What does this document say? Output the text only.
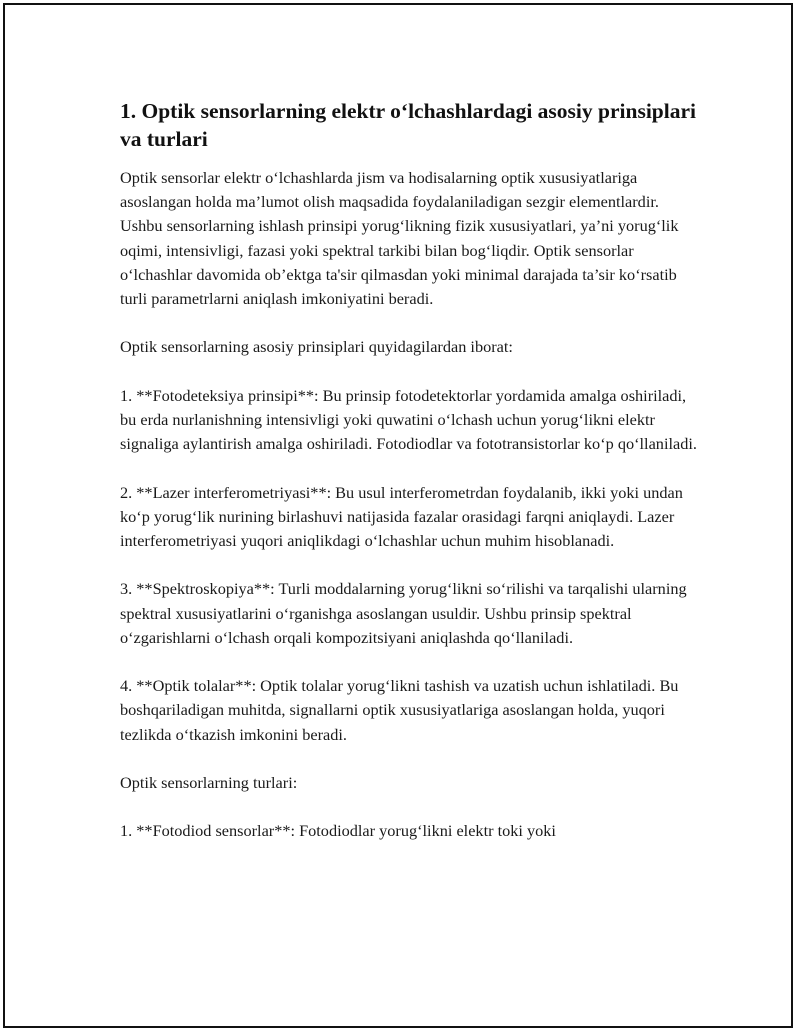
1. Optik sensorlarning elektr o‘lchashlardagi asosiy prinsiplari va turlari

Optik sensorlar elektr o‘lchashlarda jism va hodisalarning optik xususiyatlariga asoslangan holda ma’lumot olish maqsadida foydalaniladigan sezgir elementlardir. Ushbu sensorlarning ishlash prinsipi yorug‘likning fizik xususiyatlari, ya’ni yorug‘lik oqimi, intensivligi, fazasi yoki spektral tarkibi bilan bog‘liqdir. Optik sensorlar o‘lchashlar davomida ob’ektga ta'sir qilmasdan yoki minimal darajada ta’sir ko‘rsatib turli parametrlarni aniqlash imkoniyatini beradi.

Optik sensorlarning asosiy prinsiplari quyidagilardan iborat:

1. **Fotodeteksiya prinsipi**: Bu prinsip fotodetektorlar yordamida amalga oshiriladi, bu erda nurlanishning intensivligi yoki quwatini o‘lchash uchun yorug‘likni elektr signaliga aylantirish amalga oshiriladi. Fotodiodlar va fototransistorlar ko‘p qo‘llaniladi.

2. **Lazer interferometriyasi**: Bu usul interferometrdan foydalanib, ikki yoki undan ko‘p yorug‘lik nurining birlashuvi natijasida fazalar orasidagi farqni aniqlaydi. Lazer interferometriyasi yuqori aniqlikdagi o‘lchashlar uchun muhim hisoblanadi.

3. **Spektroskopiya**: Turli moddalarning yorug‘likni so‘rilishi va tarqalishi ularning spektral xususiyatlarini o‘rganishga asoslangan usuldir. Ushbu prinsip spektral o‘zgarishlarni o‘lchash orqali kompozitsiyani aniqlashda qo‘llaniladi.

4. **Optik tolalar**: Optik tolalar yorug‘likni tashish va uzatish uchun ishlatiladi. Bu boshqariladigan muhitda, signallarni optik xususiyatlariga asoslangan holda, yuqori tezlikda o‘tkazish imkonini beradi.

Optik sensorlarning turlari:

1. **Fotodiod sensorlar**: Fotodiodlar yorug‘likni elektr toki yoki
